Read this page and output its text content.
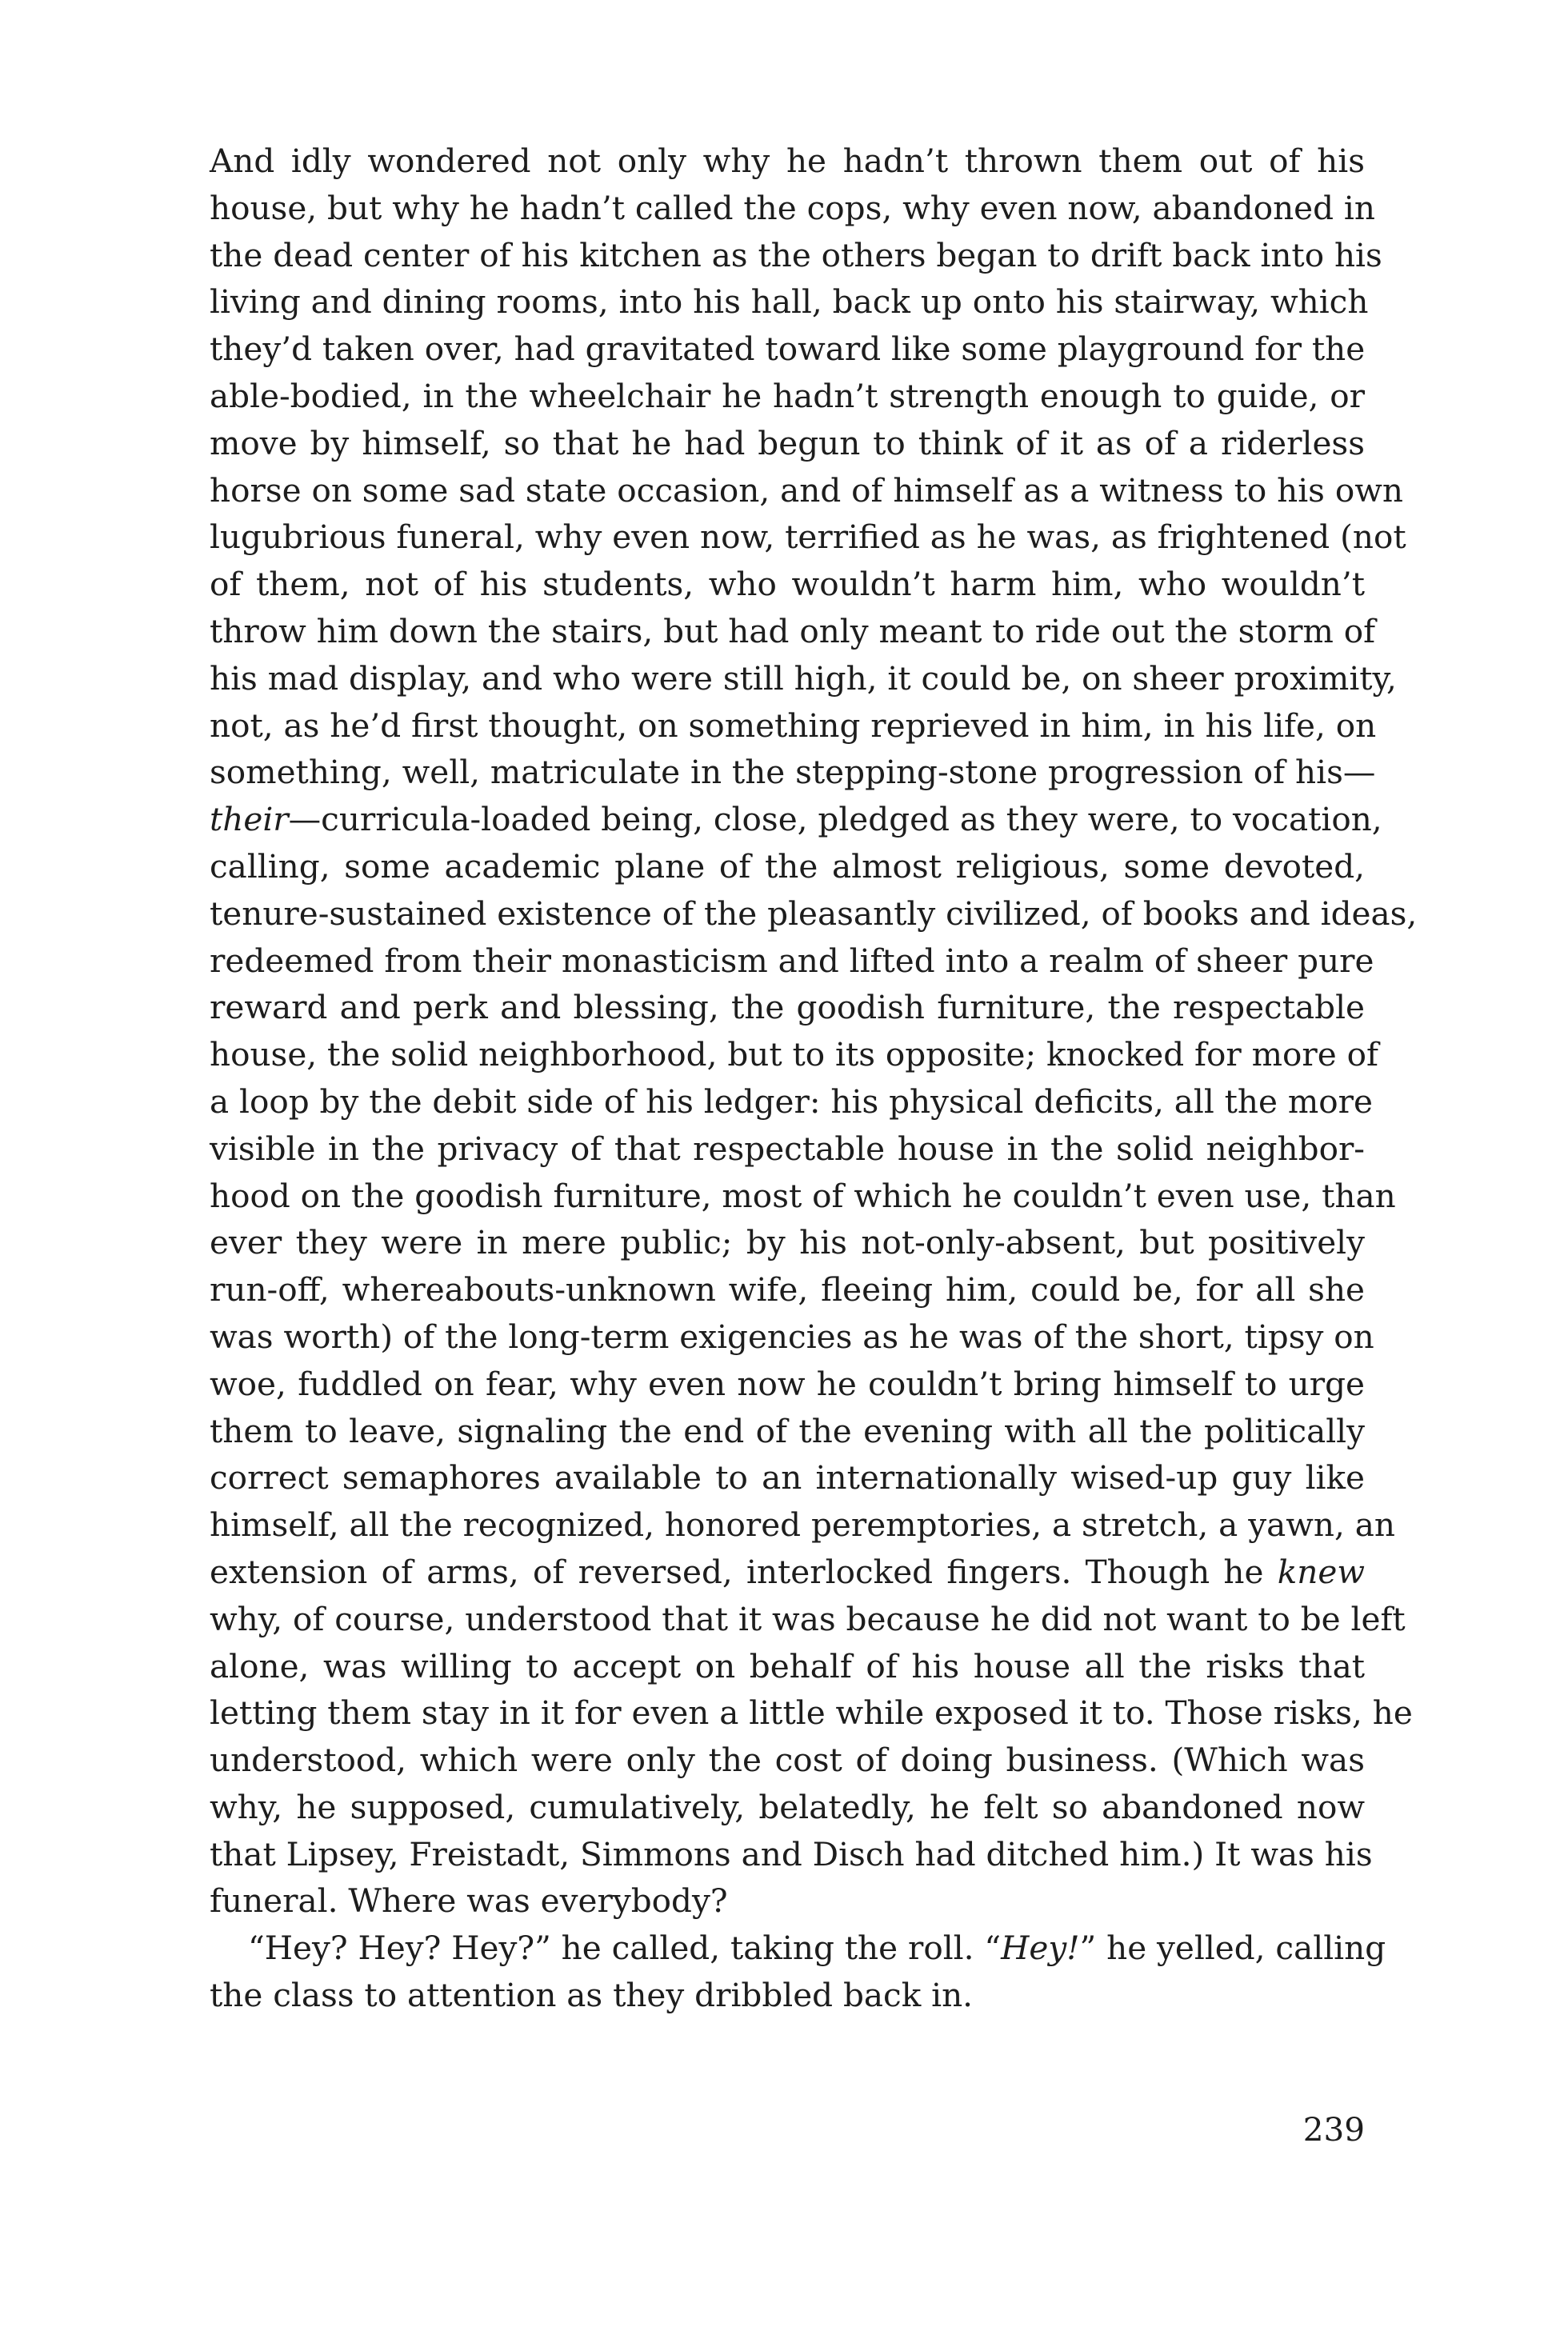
And idly wondered not only why he hadn’t thrown them out of his
house, but why he hadn’t called the cops, why even now, abandoned in
the dead center of his kitchen as the others began to drift back into his
living and dining rooms, into his hall, back up onto his stairway, which
they’d taken over, had gravitated toward like some playground for the
able-bodied, in the wheelchair he hadn’t strength enough to guide, or
move by himself, so that he had begun to think of it as of a riderless
horse on some sad state occasion, and of himself as a witness to his own
lugubrious funeral, why even now, terrified as he was, as frightened (not
of them, not of his students, who wouldn’t harm him, who wouldn’t
throw him down the stairs, but had only meant to ride out the storm of
his mad display, and who were still high, it could be, on sheer proximity,
not, as he’d first thought, on something reprieved in him, in his life, on
something, well, matriculate in the stepping-stone progression of his—
their—curricula-loaded being, close, pledged as they were, to vocation,
calling, some academic plane of the almost religious, some devoted,
tenure-sustained existence of the pleasantly civilized, of books and ideas,
redeemed from their monasticism and lifted into a realm of sheer pure
reward and perk and blessing, the goodish furniture, the respectable
house, the solid neighborhood, but to its opposite; knocked for more of
a loop by the debit side of his ledger: his physical deficits, all the more
visible in the privacy of that respectable house in the solid neighbor-
hood on the goodish furniture, most of which he couldn’t even use, than
ever they were in mere public; by his not-only-absent, but positively
run-off, whereabouts-unknown wife, fleeing him, could be, for all she
was worth) of the long-term exigencies as he was of the short, tipsy on
woe, fuddled on fear, why even now he couldn’t bring himself to urge
them to leave, signaling the end of the evening with all the politically
correct semaphores available to an internationally wised-up guy like
himself, all the recognized, honored peremptories, a stretch, a yawn, an
extension of arms, of reversed, interlocked fingers. Though he knew
why, of course, understood that it was because he did not want to be left
alone, was willing to accept on behalf of his house all the risks that
letting them stay in it for even a little while exposed it to. Those risks, he
understood, which were only the cost of doing business. (Which was
why, he supposed, cumulatively, belatedly, he felt so abandoned now
that Lipsey, Freistadt, Simmons and Disch had ditched him.) It was his
funeral. Where was everybody?
“Hey? Hey? Hey?” he called, taking the roll. “Hey!” he yelled, calling
the class to attention as they dribbled back in.
239
